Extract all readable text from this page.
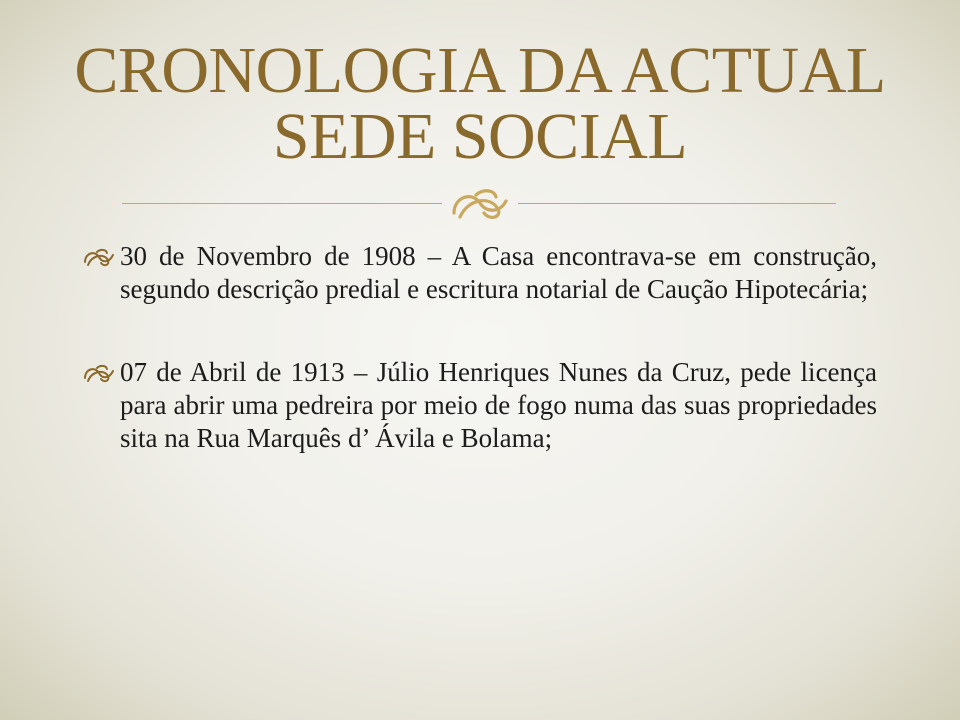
CRONOLOGIA DA ACTUAL SEDE SOCIAL
30 de Novembro de 1908 – A Casa encontrava-se em construção, segundo descrição predial e escritura notarial de Caução Hipotecária;
07 de Abril de 1913 – Júlio Henriques Nunes da Cruz, pede licença para abrir uma pedreira por meio de fogo numa das suas propriedades sita na Rua Marquês d’ Ávila e Bolama;
